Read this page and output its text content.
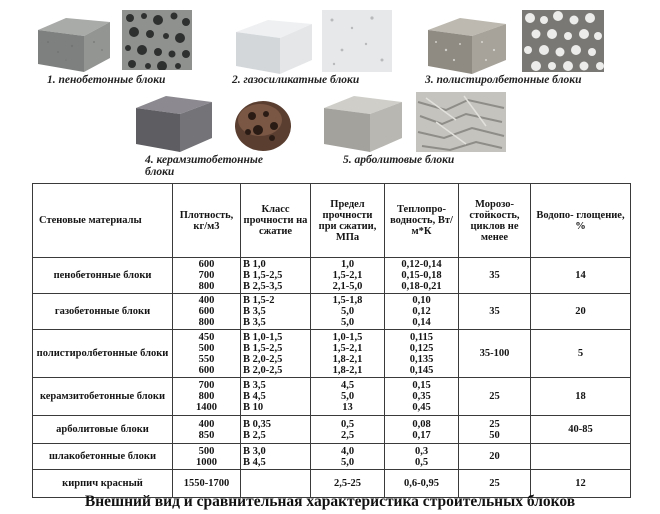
1. пенобетонные блоки	2. газосиликатные блоки	3. полистиролбетонные блоки
4. керамзитобетонные
блоки
5. арболитовые блоки
Стеновые материалы	Плотность, кг/м3	Класс прочности на сжатие	Предел прочности при сжатии, МПа	Теплопро- водность, Вт/м*К	Морозо- стойкость, циклов не менее	Водопо- глощение, %
пенобетонные блоки	600
700
800	В 1,0
В 1,5-2,5
В 2,5-3,5	1,0
1,5-2,1
2,1-5,0	0,12-0,14
0,15-0,18
0,18-0,21	35	14
газобетонные блоки	400
600
800	В 1,5-2
В 3,5
В 3,5	1,5-1,8
5,0
5,0	0,10
0,12
0,14	35	20
полистиролбетонные блоки	450
500
550
600	В 1,0-1,5
В 1,5-2,5
В 2,0-2,5
В 2,0-2,5	1,0-1,5
1,5-2,1
1,8-2,1
1,8-2,1	0,115
0,125
0,135
0,145	35-100	5
керамзитобетонные блоки	700
800
1400	В 3,5
В 4,5
В 10	4,5
5,0
13	0,15
0,35
0,45	25	18
арболитовые блоки	400
850	В 0,35
В 2,5	0,5
2,5	0,08
0,17	25
50	40-85
шлакобетонные блоки	500
1000	В 3,0
В 4,5	4,0
5,0	0,3
0,5	20	

кирпич красный	1550-1700		2,5-25	0,6-0,95	25	12
Внешний вид и сравнительная характеристика строительных блоков
